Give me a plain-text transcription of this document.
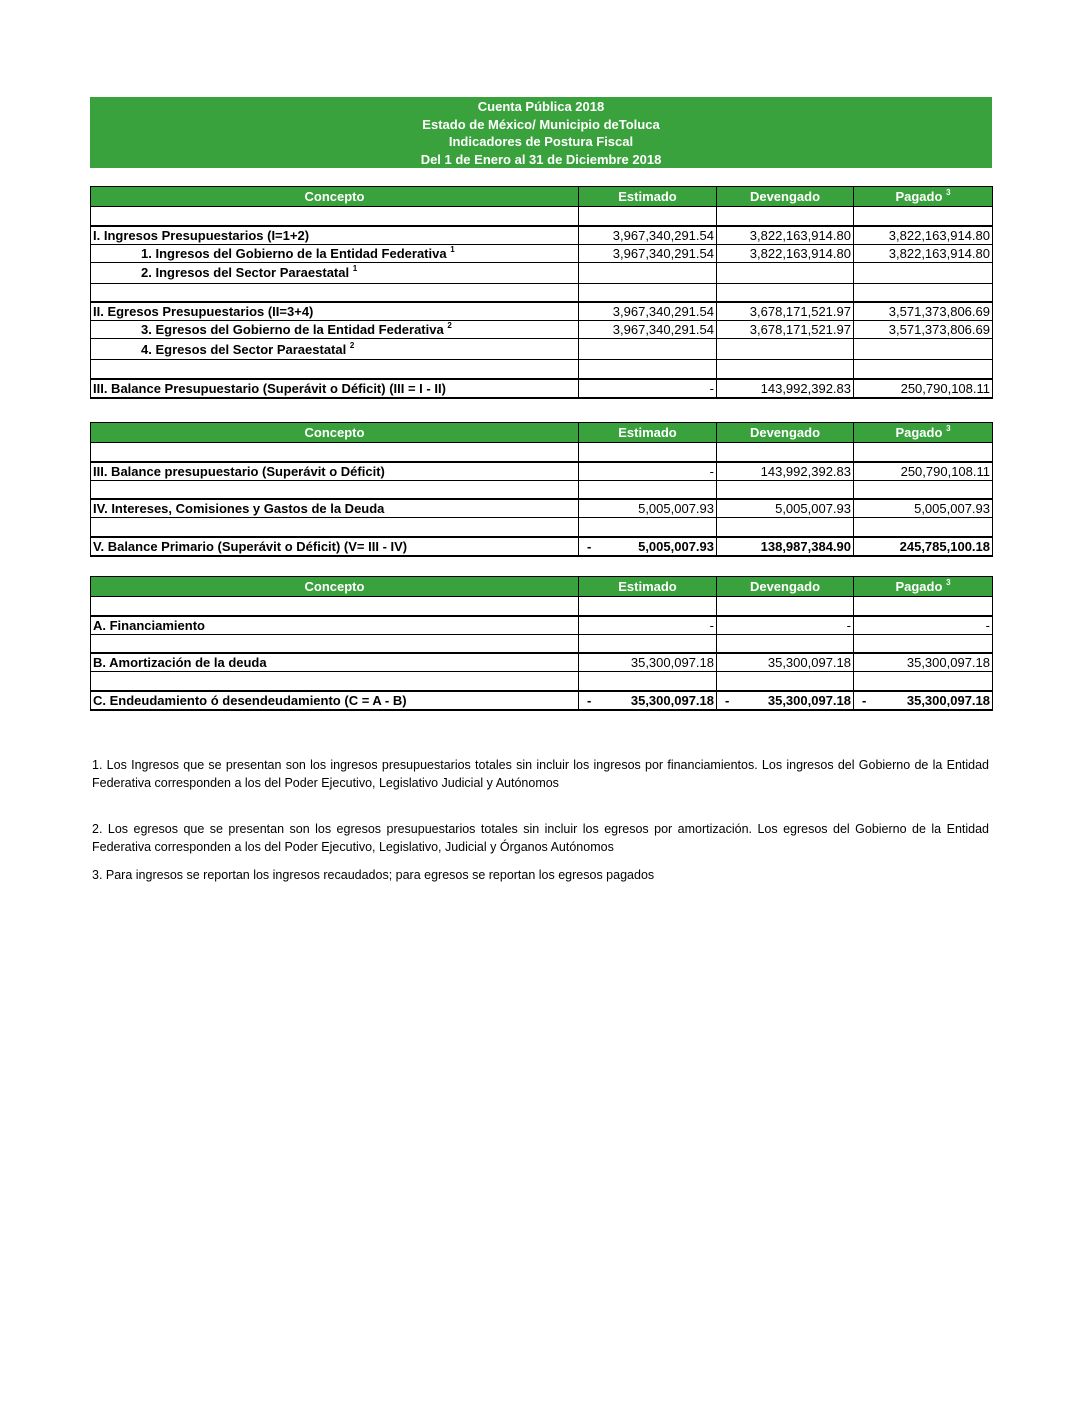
Cuenta Pública 2018
Estado de México/ Municipio deToluca
Indicadores de Postura Fiscal
Del 1 de Enero al 31 de Diciembre 2018
Concepto	Estimado	Devengado	Pagado $^3$

I. Ingresos Presupuestarios (I=1+2)	3,967,340,291.54	3,822,163,914.80	3,822,163,914.80
1. Ingresos del Gobierno de la Entidad Federativa $^1$	3,967,340,291.54	3,822,163,914.80	3,822,163,914.80
2. Ingresos del Sector Paraestatal $^1$			

II. Egresos Presupuestarios (II=3+4)	3,967,340,291.54	3,678,171,521.97	3,571,373,806.69
3. Egresos del Gobierno de la Entidad Federativa $^2$	3,967,340,291.54	3,678,171,521.97	3,571,373,806.69
4. Egresos del Sector Paraestatal $^2$			

III. Balance Presupuestario (Superávit o Déficit) (III = I - II)	-	143,992,392.83	250,790,108.11
Concepto	Estimado	Devengado	Pagado $^3$

III. Balance presupuestario (Superávit o Déficit)	-	143,992,392.83	250,790,108.11

IV. Intereses, Comisiones y Gastos de la Deuda	5,005,007.93	5,005,007.93	5,005,007.93

V. Balance Primario (Superávit o Déficit) (V= III - IV)	- 5,005,007.93	138,987,384.90	245,785,100.18
Concepto	Estimado	Devengado	Pagado $^3$

A. Financiamiento	-	-	-

B. Amortización de la deuda	35,300,097.18	35,300,097.18	35,300,097.18

C. Endeudamiento ó desendeudamiento (C = A - B)	- 35,300,097.18	- 35,300,097.18	- 35,300,097.18
1. Los Ingresos que se presentan son los ingresos presupuestarios totales sin incluir los ingresos por financiamientos. Los ingresos del Gobierno de la Entidad Federativa corresponden a los del Poder Ejecutivo, Legislativo Judicial y Autónomos
2. Los egresos que se presentan son los egresos presupuestarios totales sin incluir los egresos por amortización. Los egresos del Gobierno de la Entidad Federativa corresponden a los del Poder Ejecutivo, Legislativo, Judicial y Órganos Autónomos
3. Para ingresos se reportan los ingresos recaudados; para egresos se reportan los egresos pagados
